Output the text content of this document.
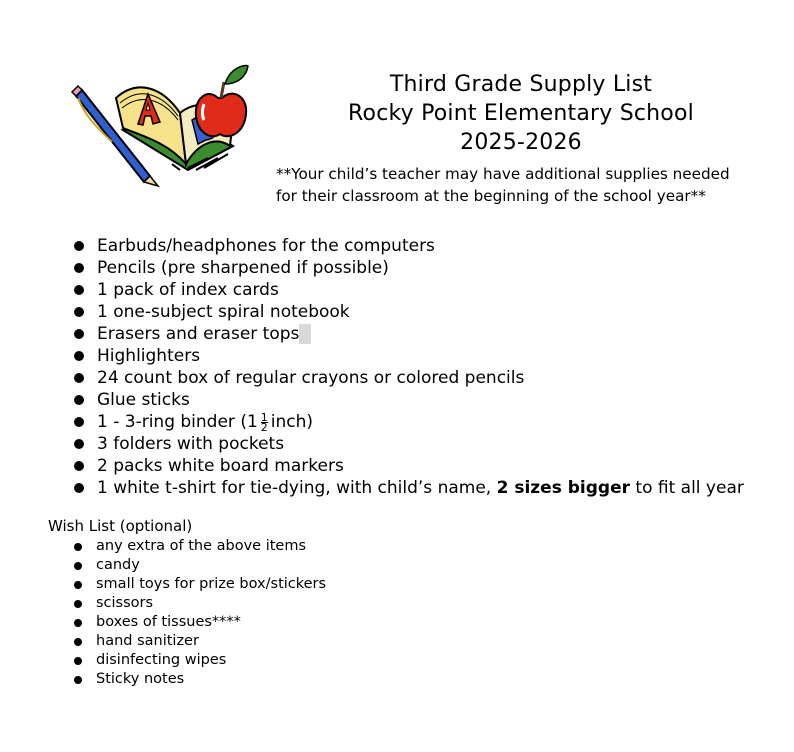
Third Grade Supply List
Rocky Point Elementary School
2025-2026
**Your child’s teacher may have additional supplies needed
for their classroom at the beginning of the school year**
Earbuds/headphones for the computers
Pencils (pre sharpened if possible)
1 pack of index cards
1 one-subject spiral notebook
Erasers and eraser tops
Highlighters
24 count box of regular crayons or colored pencils
Glue sticks
1 - 3-ring binder ($1 \frac{1}{2}$ inch)
3 folders with pockets
2 packs white board markers
1 white t-shirt for tie-dying, with child’s name,
2 sizes bigger
to fit all year
Wish List (optional)
any extra of the above items
candy
small toys for prize box/stickers
scissors
boxes of tissues****
hand sanitizer
disinfecting wipes
Sticky notes
